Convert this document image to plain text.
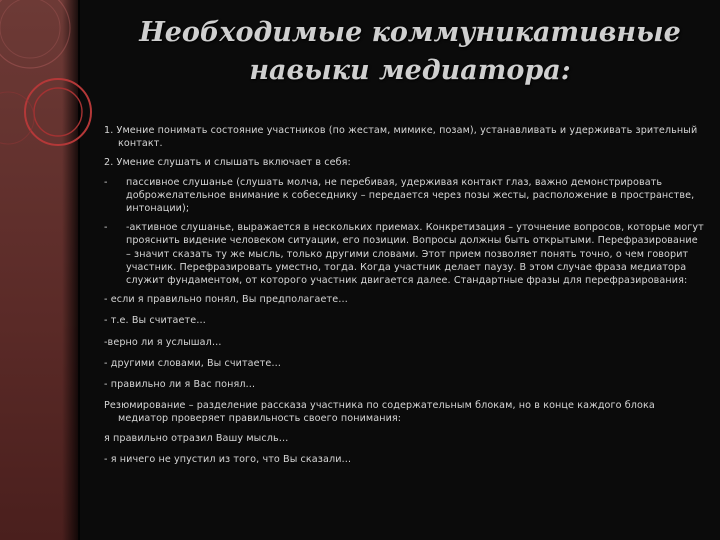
Необходимые коммуникативные
навыки медиатора:

1. Умение понимать состояние участников (по жестам, мимике, позам), устанавливать и удерживать зрительный контакт.

2. Умение слушать и слышать включает в себя:

- пассивное слушанье (слушать молча, не перебивая, удерживая контакт глаз, важно демонстрировать доброжелательное внимание к собеседнику – передается через позы жесты, расположение в пространстве, интонации);
- -активное слушанье, выражается в нескольких приемах. Конкретизация – уточнение вопросов, которые могут прояснить видение человеком ситуации, его позиции. Вопросы должны быть открытыми. Перефразирование – значит сказать ту же мысль, только другими словами. Этот прием позволяет понять точно, о чем говорит участник. Перефразировать уместно, тогда. Когда участник делает паузу. В этом случае фраза медиатора служит фундаментом, от которого участник двигается далее. Стандартные фразы для перефразирования:

- если я правильно понял, Вы предполагаете…

- т.е. Вы считаете…

-верно ли я услышал…

- другими словами, Вы считаете…

- правильно ли я Вас понял…

Резюмирование – разделение рассказа участника по содержательным блокам, но в конце каждого блока медиатор проверяет правильность своего понимания:

я правильно отразил Вашу мысль…

- я ничего не упустил из того, что Вы сказали…
